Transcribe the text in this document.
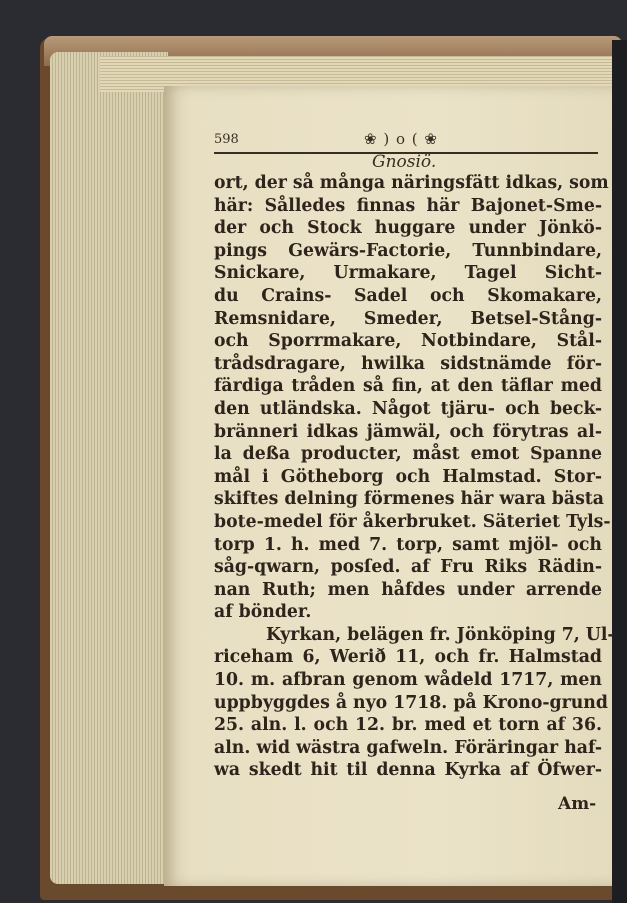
598	❀ ) o ( ❀
Gnosiö.
ort, der så många näringsfätt idkas, som
här: Sålledes finnas här Bajonet-Sme-
der och Stock huggare under Jönkö-
pings Gewärs-Factorie, Tunnbindare,
Snickare, Urmakare, Tagel Sicht-
du Crains- Sadel och Skomakare,
Remsnidare, Smeder, Betsel-Stång-
och Sporrmakare, Notbindare, Stål-
trådsdragare, hwilka sidstnämde för-
färdiga tråden så fin, at den täflar med
den utländska. Något tjäru- och beck-
bränneri idkas jämwäl, och förytras al-
la deßa producter, måst emot Spanne
mål i Götheborg och Halmstad. Stor-
skiftes delning förmenes här wara bästa
bote-medel för åkerbruket. Säteriet Tyls-
torp 1. h. med 7. torp, samt mjöl- och
såg-qwarn, posſed. af Fru Riks Rädin-
nan Ruth; men håfdes under arrende
af bönder.
Kyrkan, belägen fr. Jönköping 7, Ul-
riceham 6, Werið 11, och fr. Halmstad
10. m. afbran genom wådeld 1717, men
uppbyggdes å nyo 1718. på Krono-grund
25. aln. l. och 12. br. med et torn af 36.
aln. wid wästra gafweln. Föräringar haf-
wa skedt hit til denna Kyrka af Öfwer-
Am-
